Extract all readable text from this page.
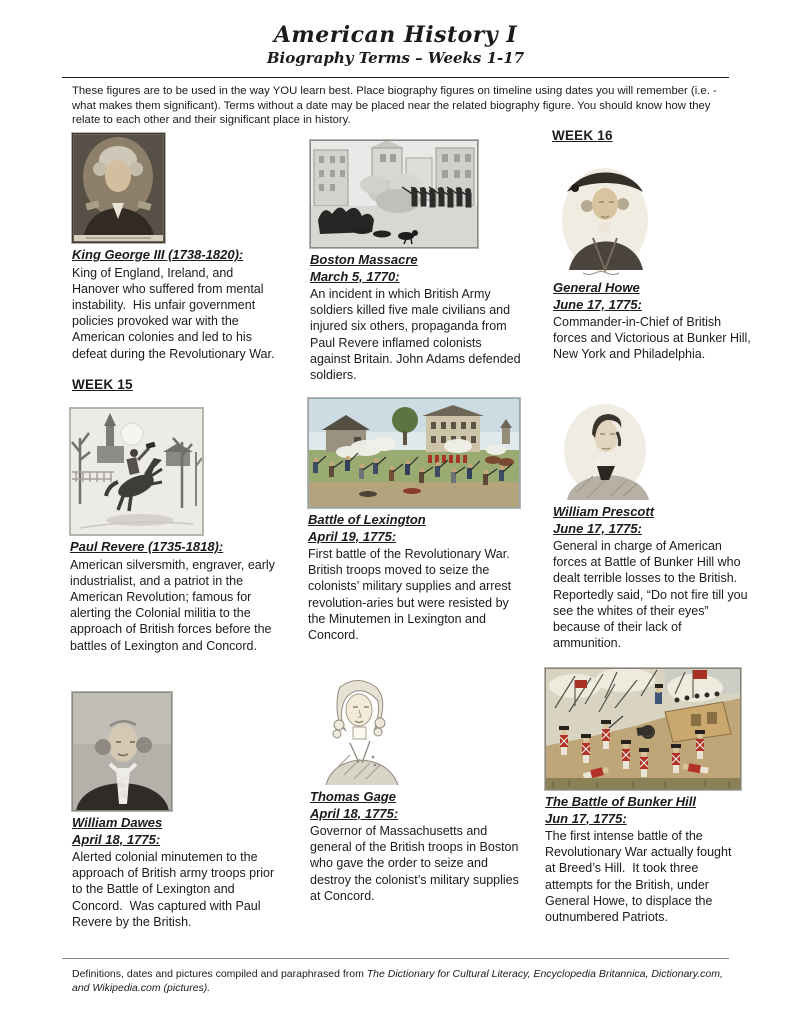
American History I
Biography Terms – Weeks 1-17
These figures are to be used in the way YOU learn best. Place biography figures on timeline using dates you will remember (i.e. - what makes them significant). Terms without a date may be placed near the related biography figure. You should know how they relate to each other and their significant place in history.
King George III (1738-1820):
King of England, Ireland, and Hanover who suffered from mental instability.  His unfair government policies provoked war with the American colonies and led to his defeat during the Revolutionary War.
WEEK 15
Paul Revere (1735-1818):
American silversmith, engraver, early industrialist, and a patriot in the American Revolution; famous for alerting the Colonial militia to the approach of British forces before the battles of Lexington and Concord.
William Dawes
April 18, 1775:
Alerted colonial minutemen to the approach of British army troops prior to the Battle of Lexington and Concord.  Was captured with Paul Revere by the British.
Boston Massacre
March 5, 1770:
An incident in which British Army soldiers killed five male civilians and injured six others, propaganda from Paul Revere inflamed colonists against Britain. John Adams defended soldiers.
Battle of Lexington
April 19, 1775:
First battle of the Revolutionary War.  British troops moved to seize the colonists’ military supplies and arrest revolution-aries but were resisted by the Minutemen in Lexington and Concord.
Thomas Gage
April 18, 1775:
Governor of Massachusetts and general of the British troops in Boston who gave the order to seize and destroy the colonist’s military supplies at Concord.
WEEK 16
General Howe
June 17, 1775:
Commander-in-Chief of British forces and Victorious at Bunker Hill, New York and Philadelphia.
William Prescott
June 17, 1775:
General in charge of American forces at Battle of Bunker Hill who dealt terrible losses to the British.  Reportedly said, “Do not fire till you see the whites of their eyes” because of their lack of ammunition.
The Battle of Bunker Hill
Jun 17, 1775:
The first intense battle of the Revolutionary War actually fought at Breed’s Hill.  It took three attempts for the British, under General Howe, to displace the outnumbered Patriots.
Definitions, dates and pictures compiled and paraphrased from The Dictionary for Cultural Literacy, Encyclopedia Britannica, Dictionary.com, and Wikipedia.com (pictures).
